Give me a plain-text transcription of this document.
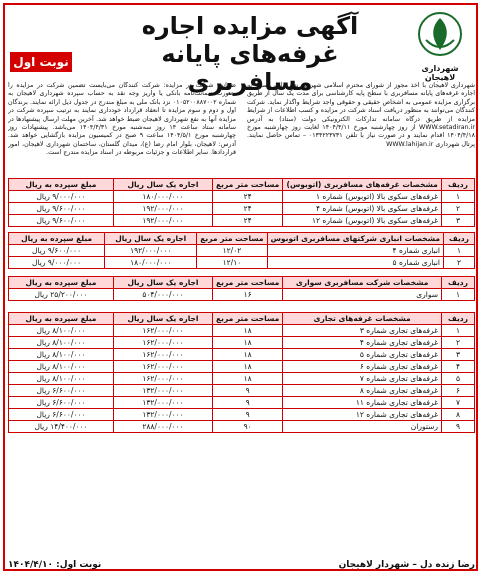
شهرداری لاهیجان
آگهی مزایده اجاره غرفه‌های پایانه مسافربری
نوبت اول
شهرداری لاهیجان با اخذ مجوز از شورای محترم اسلامی شهر در نظر دارد، نسبت به اجاره غرفه‌های پایانه مسافربری با سطح پایه کارشناسی برای مدت یک سال از طریق برگزاری مزایده عمومی به اشخاص حقیقی و حقوقی واجد شرایط واگذار نماید. شرکت کنندگان می‌توانند به منظور دریافت اسناد شرکت در مزایده و کسب اطلاعات از شرایط مزایده از طریق درگاه سامانه تدارکات الکترونیکی دولت (ستاد) به آدرس WWW.setadiran.ir از روز چهارشنبه مورخ ۱۴۰۴/۴/۱۱ لغایت روز چهارشنبه مورخ ۱۴۰۴/۴/۱۸ اقدام نمایند و در صورت نیاز با تلفن ۰۱۳۴۲۲۳۷۳۱ – تماس حاصل نمایند. پرتال شهرداری WWW.lahijan.ir
ضمانت شرکت در مزایده: شرکت کنندگان می‌بایست تضمین شرکت در مزایده را بصورت ضمانت‌نامه بانکی یا واریز وجه نقد به حساب سپرده شهرداری لاهیجان به شماره ۰۱۰۵۲۰۰۸۸۷۰۰۲ نزد بانک ملی به مبلغ مندرج در جدول ذیل ارائه نمایند. برندگان اول و دوم و سوم مزایده تا انعقاد قرارداد خودداری نمایند به ترتیب سپرده شرکت در مزایده آنها به نفع شهرداری لاهیجان ضبط خواهد شد. آخرین مهلت ارسال پیشنهادها در سامانه ستاد ساعت ۱۴ روز سه‌شنبه مورخ ۱۴۰۴/۴/۳۱ می‌باشد. پیشنهادات روز چهارشنبه مورخ ۱۴۰۴/۵/۱ ساعت ۹ صبح در کمیسیون مزایده بازگشایی خواهد شد. آدرس: لاهیجان، بلوار امام رضا (ع)، میدان گلستان، ساختمان شهرداری لاهیجان، امور قراردادها. سایر اطلاعات و جزئیات مربوطه در اسناد مزایده مندرج است.
ردیف	مشخصات غرفه‌های مسافربری (اتوبوس)	مساحت متر مربع	اجاره یک سال ریال	مبلغ سپرده به ریال
۱	غرفه‌های سکوی بالا (اتوبوس) شماره ۱	۲۴	۱۸۰/۰۰۰/۰۰۰	۹/۰۰۰/۰۰۰ ریال
۲	غرفه‌های سکوی بالا (اتوبوس) شماره ۴	۲۴	۱۹۲/۰۰۰/۰۰۰	۹/۶۰۰/۰۰۰ ریال
۳	غرفه‌های سکوی بالا (اتوبوس) شماره ۱۲	۲۴	۱۹۲/۰۰۰/۰۰۰	۹/۶۰۰/۰۰۰ ریال
ردیف	مشخصات انباری شرکتهای مسافربری اتوبوس	مساحت متر مربع	اجاره یک سال ریال	مبلغ سپرده به ریال
۱	انباری شماره ۴	۱۲/۰۲	۱۹۲/۰۰۰/۰۰۰	۹/۶۰۰/۰۰۰ ریال
۲	انباری شماره ۵	۱۲/۱۰	۱۸۰/۰۰۰/۰۰۰	۹/۰۰۰/۰۰۰ ریال
ردیف	مشخصات شرکت مسافربری سواری	مساحت متر مربع	اجاره یک سال ریال	مبلغ سپرده به ریال
۱	سواری	۱۶	۵۰۴/۰۰۰/۰۰۰	۲۵/۲۰۰/۰۰۰ ریال
ردیف	مشخصات غرفه‌های تجاری	مساحت متر مربع	اجاره یک سال ریال	مبلغ سپرده به ریال
۱	غرفه‌های تجاری شماره ۳	۱۸	۱۶۲/۰۰۰/۰۰۰	۸/۱۰۰/۰۰۰ ریال
۲	غرفه‌های تجاری شماره ۴	۱۸	۱۶۲/۰۰۰/۰۰۰	۸/۱۰۰/۰۰۰ ریال
۳	غرفه‌های تجاری شماره ۵	۱۸	۱۶۲/۰۰۰/۰۰۰	۸/۱۰۰/۰۰۰ ریال
۴	غرفه‌های تجاری شماره ۶	۱۸	۱۶۲/۰۰۰/۰۰۰	۸/۱۰۰/۰۰۰ ریال
۵	غرفه‌های تجاری شماره ۷	۱۸	۱۶۲/۰۰۰/۰۰۰	۸/۱۰۰/۰۰۰ ریال
۶	غرفه‌های تجاری شماره ۸	۹	۱۳۲/۰۰۰/۰۰۰	۶/۶۰۰/۰۰۰ ریال
۷	غرفه‌های تجاری شماره ۱۱	۹	۱۳۲/۰۰۰/۰۰۰	۶/۶۰۰/۰۰۰ ریال
۸	غرفه‌های تجاری شماره ۱۲	۹	۱۳۲/۰۰۰/۰۰۰	۶/۶۰۰/۰۰۰ ریال
۹	رستوران	۹۰	۲۸۸/۰۰۰/۰۰۰	۱۴/۴۰۰/۰۰۰ ریال
رضا زنده دل – شهردار لاهیجان
نوبت اول: ۱۴۰۴/۴/۱۰
